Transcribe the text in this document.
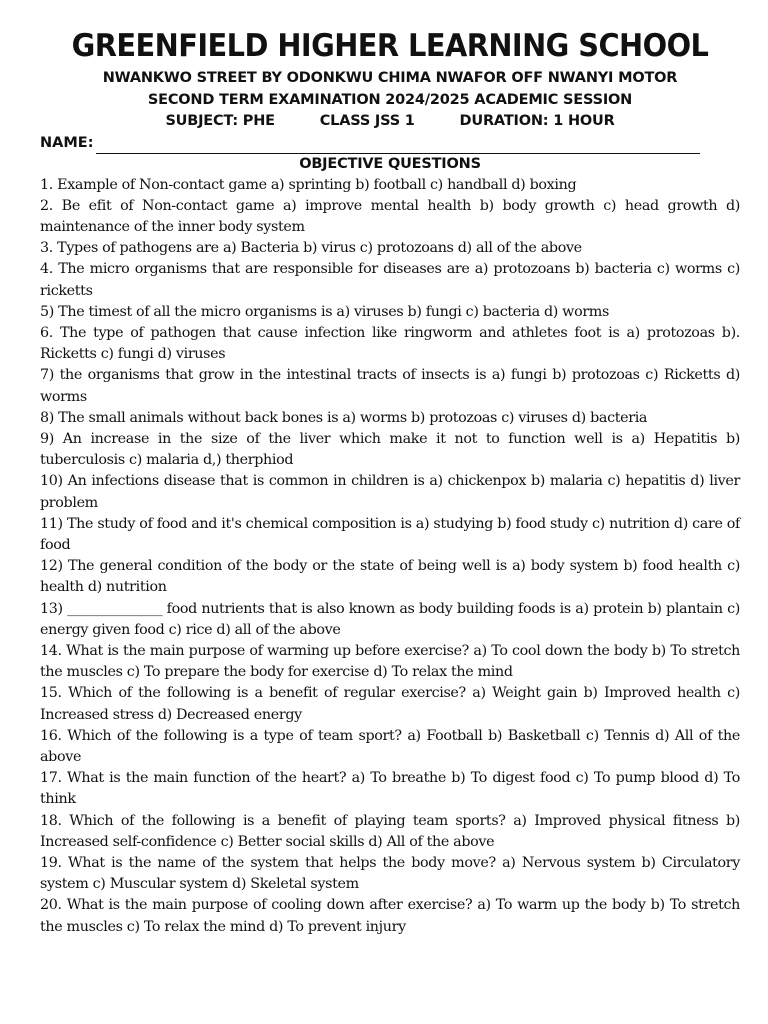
GREENFIELD HIGHER LEARNING SCHOOL
NWANKWO STREET BY ODONKWU CHIMA NWAFOR OFF NWANYI MOTOR
SECOND TERM EXAMINATION 2024/2025 ACADEMIC SESSION
SUBJECT: PHE	CLASS JSS 1	DURATION: 1 HOUR
NAME:
OBJECTIVE QUESTIONS
1. Example of Non-contact game a) sprinting b) football c) handball d) boxing
2. Be efit of Non-contact game a) improve mental health b) body growth c) head growth d) maintenance of the inner body system
3. Types of pathogens are a) Bacteria b) virus c) protozoans d) all of the above
4. The micro organisms that are responsible for diseases are a) protozoans b) bacteria c) worms c) ricketts
5) The timest of all the micro organisms is a) viruses b) fungi c) bacteria d) worms
6. The type of pathogen that cause infection like ringworm and athletes foot is a) protozoas b). Ricketts c) fungi d) viruses
7) the organisms that grow in the intestinal tracts of insects is a) fungi b) protozoas c) Ricketts d) worms
8) The small animals without back bones is a) worms b) protozoas c) viruses d) bacteria
9) An increase in the size of the liver which make it not to function well is a) Hepatitis b) tuberculosis c) malaria d,) therphiod
10) An infections disease that is common in children is a) chickenpox b) malaria c) hepatitis d) liver problem
11) The study of food and it's chemical composition is a) studying b) food study c) nutrition d) care of food
12) The general condition of the body or the state of being well is a) body system b) food health c) health d) nutrition
13) ______________ food nutrients that is also known as body building foods is a) protein b) plantain c) energy given food c) rice d) all of the above
14. What is the main purpose of warming up before exercise? a) To cool down the body b) To stretch the muscles c) To prepare the body for exercise d) To relax the mind
15. Which of the following is a benefit of regular exercise? a) Weight gain b) Improved health c) Increased stress d) Decreased energy
16. Which of the following is a type of team sport? a) Football b) Basketball c) Tennis d) All of the above
17. What is the main function of the heart? a) To breathe b) To digest food c) To pump blood d) To think
18. Which of the following is a benefit of playing team sports? a) Improved physical fitness b) Increased self-confidence c) Better social skills d) All of the above
19. What is the name of the system that helps the body move? a) Nervous system b) Circulatory system c) Muscular system d) Skeletal system
20. What is the main purpose of cooling down after exercise? a) To warm up the body b) To stretch the muscles c) To relax the mind d) To prevent injury
